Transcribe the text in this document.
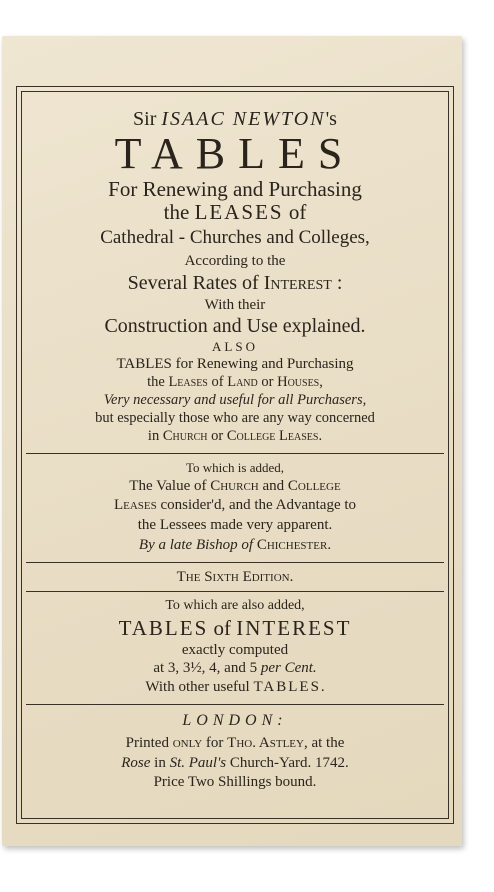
Sir ISAAC NEWTON's
TABLES
For Renewing and Purchasing
the LEASES of
Cathedral - Churches and Colleges,
According to the
Several Rates of Interest :
With their
Construction and Use explained.
ALSO
TABLES for Renewing and Purchasing
the Leases of Land or Houses,
Very necessary and useful for all Purchasers,
but especially those who are any way concerned
in Church or College Leases.
To which is added,
The Value of Church and College
Leases consider'd, and the Advantage to
the Lessees made very apparent.
By a late Bishop of Chichester.
The Sixth Edition.
To which are also added,
TABLES of INTEREST
exactly computed
at 3, 3½, 4, and 5 per Cent.
With other useful TABLES.
LONDON:
Printed only for Tho. Astley, at the
Rose in St. Paul's Church-Yard. 1742.
Price Two Shillings bound.
